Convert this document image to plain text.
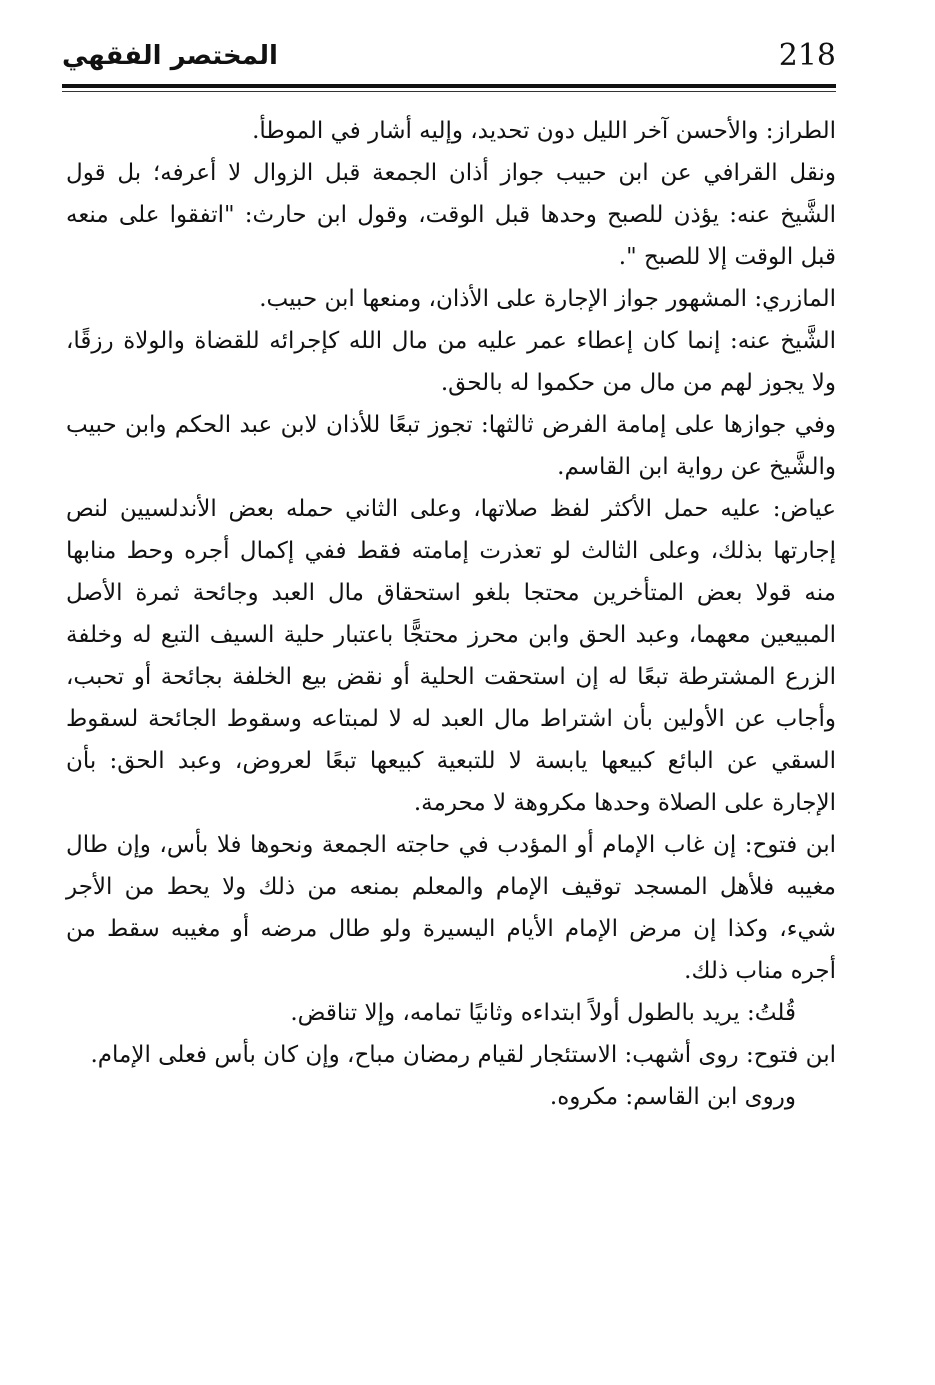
218
المختصر الفقهي

الطراز: والأحسن آخر الليل دون تحديد، وإليه أشار في الموطأ.

ونقل القرافي عن ابن حبيب جواز أذان الجمعة قبل الزوال لا أعرفه؛ بل قول الشَّيخ عنه: يؤذن للصبح وحدها قبل الوقت، وقول ابن حارث: "اتفقوا على منعه قبل الوقت إلا للصبح ".

المازري: المشهور جواز الإجارة على الأذان، ومنعها ابن حبيب.

الشَّيخ عنه: إنما كان إعطاء عمر عليه من مال الله كإجرائه للقضاة والولاة رزقًا، ولا يجوز لهم من مال من حكموا له بالحق.

وفي جوازها على إمامة الفرض ثالثها: تجوز تبعًا للأذان لابن عبد الحكم وابن حبيب والشَّيخ عن رواية ابن القاسم.

عياض: عليه حمل الأكثر لفظ صلاتها، وعلى الثاني حمله بعض الأندلسيين لنص إجارتها بذلك، وعلى الثالث لو تعذرت إمامته فقط ففي إكمال أجره وحط منابها منه قولا بعض المتأخرين محتجا بلغو استحقاق مال العبد وجائحة ثمرة الأصل المبيعين معهما، وعبد الحق وابن محرز محتجًّا باعتبار حلية السيف التبع له وخلفة الزرع المشترطة تبعًا له إن استحقت الحلية أو نقض بيع الخلفة بجائحة أو تحبب، وأجاب عن الأولين بأن اشتراط مال العبد له لا لمبتاعه وسقوط الجائحة لسقوط السقي عن البائع كبيعها يابسة لا للتبعية كبيعها تبعًا لعروض، وعبد الحق: بأن الإجارة على الصلاة وحدها مكروهة لا محرمة.

ابن فتوح: إن غاب الإمام أو المؤدب في حاجته الجمعة ونحوها فلا بأس، وإن طال مغيبه فلأهل المسجد توقيف الإمام والمعلم بمنعه من ذلك ولا يحط من الأجر شيء، وكذا إن مرض الإمام الأيام اليسيرة ولو طال مرضه أو مغيبه سقط من أجره مناب ذلك.

قُلتُ: يريد بالطول أولاً ابتداءه وثانيًا تمامه، وإلا تناقض.

ابن فتوح: روى أشهب: الاستئجار لقيام رمضان مباح، وإن كان بأس فعلى الإمام.

وروى ابن القاسم: مكروه.
